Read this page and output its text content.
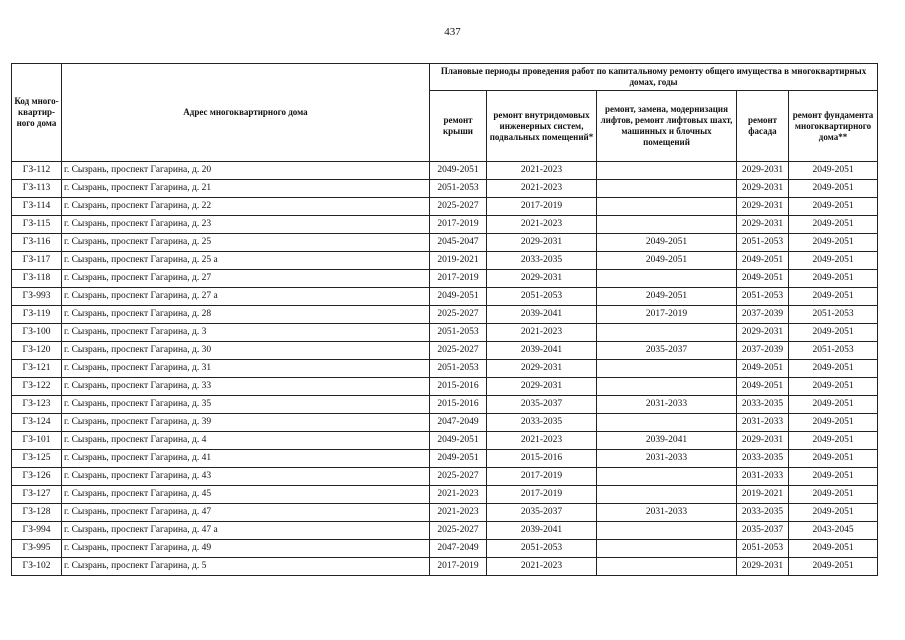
437
Код много-квартир-ного дома	Адрес многоквартирного дома	Плановые периоды проведения работ по капитальному ремонту общего имущества в многоквартирных домах, годы				
		ремонт крыши	ремонт внутридомовых инженерных систем, подвальных помещений*	ремонт, замена, модернизация лифтов, ремонт лифтовых шахт, машинных и блочных помещений	ремонт фасада	ремонт фундамента многоквартирного дома**
ГЗ-112	г. Сызрань, проспект Гагарина, д. 20	2049-2051	2021-2023		2029-2031	2049-2051
ГЗ-113	г. Сызрань, проспект Гагарина, д. 21	2051-2053	2021-2023		2029-2031	2049-2051
ГЗ-114	г. Сызрань, проспект Гагарина, д. 22	2025-2027	2017-2019		2029-2031	2049-2051
ГЗ-115	г. Сызрань, проспект Гагарина, д. 23	2017-2019	2021-2023		2029-2031	2049-2051
ГЗ-116	г. Сызрань, проспект Гагарина, д. 25	2045-2047	2029-2031	2049-2051	2051-2053	2049-2051
ГЗ-117	г. Сызрань, проспект Гагарина, д. 25 а	2019-2021	2033-2035	2049-2051	2049-2051	2049-2051
ГЗ-118	г. Сызрань, проспект Гагарина, д. 27	2017-2019	2029-2031		2049-2051	2049-2051
ГЗ-993	г. Сызрань, проспект Гагарина, д. 27 а	2049-2051	2051-2053	2049-2051	2051-2053	2049-2051
ГЗ-119	г. Сызрань, проспект Гагарина, д. 28	2025-2027	2039-2041	2017-2019	2037-2039	2051-2053
ГЗ-100	г. Сызрань, проспект Гагарина, д. 3	2051-2053	2021-2023		2029-2031	2049-2051
ГЗ-120	г. Сызрань, проспект Гагарина, д. 30	2025-2027	2039-2041	2035-2037	2037-2039	2051-2053
ГЗ-121	г. Сызрань, проспект Гагарина, д. 31	2051-2053	2029-2031		2049-2051	2049-2051
ГЗ-122	г. Сызрань, проспект Гагарина, д. 33	2015-2016	2029-2031		2049-2051	2049-2051
ГЗ-123	г. Сызрань, проспект Гагарина, д. 35	2015-2016	2035-2037	2031-2033	2033-2035	2049-2051
ГЗ-124	г. Сызрань, проспект Гагарина, д. 39	2047-2049	2033-2035		2031-2033	2049-2051
ГЗ-101	г. Сызрань, проспект Гагарина, д. 4	2049-2051	2021-2023	2039-2041	2029-2031	2049-2051
ГЗ-125	г. Сызрань, проспект Гагарина, д. 41	2049-2051	2015-2016	2031-2033	2033-2035	2049-2051
ГЗ-126	г. Сызрань, проспект Гагарина, д. 43	2025-2027	2017-2019		2031-2033	2049-2051
ГЗ-127	г. Сызрань, проспект Гагарина, д. 45	2021-2023	2017-2019		2019-2021	2049-2051
ГЗ-128	г. Сызрань, проспект Гагарина, д. 47	2021-2023	2035-2037	2031-2033	2033-2035	2049-2051
ГЗ-994	г. Сызрань, проспект Гагарина, д. 47 а	2025-2027	2039-2041		2035-2037	2043-2045
ГЗ-995	г. Сызрань, проспект Гагарина, д. 49	2047-2049	2051-2053		2051-2053	2049-2051
ГЗ-102	г. Сызрань, проспект Гагарина, д. 5	2017-2019	2021-2023		2029-2031	2049-2051
